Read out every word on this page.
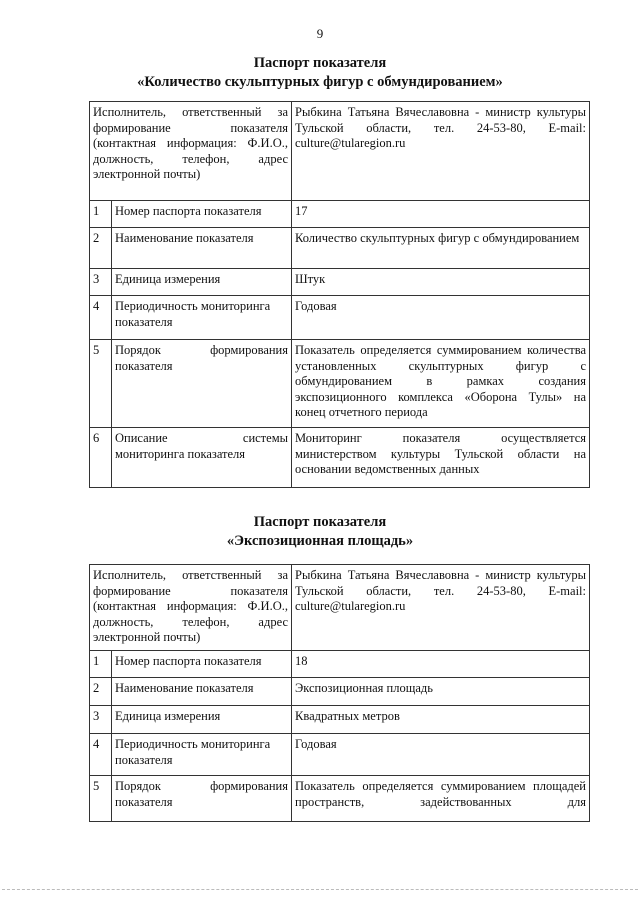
9
Паспорт показателя
«Количество скульптурных фигур с обмундированием»
Исполнитель, ответственный за формирование показателя (контактная информация: Ф.И.О., должность, телефон, адрес электронной почты)		Рыбкина Татьяна Вячеславовна - министр культуры Тульской области, тел. 24-53-80, E-mail: culture@tularegion.ru
1	Номер паспорта показателя	17
2	Наименование показателя	Количество скульптурных фигур с обмундированием
3	Единица измерения	Штук
4	Периодичность мониторинга показателя	Годовая
5	Порядок формирования показателя	Показатель определяется суммированием количества установленных скульптурных фигур с обмундированием в рамках создания экспозиционного комплекса «Оборона Тулы» на конец отчетного периода
6	Описание системы мониторинга показателя	Мониторинг показателя осуществляется министерством культуры Тульской области на основании ведомственных данных
Паспорт показателя
«Экспозиционная площадь»
Исполнитель, ответственный за формирование показателя (контактная информация: Ф.И.О., должность, телефон, адрес электронной почты)		Рыбкина Татьяна Вячеславовна - министр культуры Тульской области, тел. 24-53-80, E-mail: culture@tularegion.ru
1	Номер паспорта показателя	18
2	Наименование показателя	Экспозиционная площадь
3	Единица измерения	Квадратных метров
4	Периодичность мониторинга показателя	Годовая
5	Порядок формирования показателя	Показатель определяется суммированием площадей пространств, задействованных для
